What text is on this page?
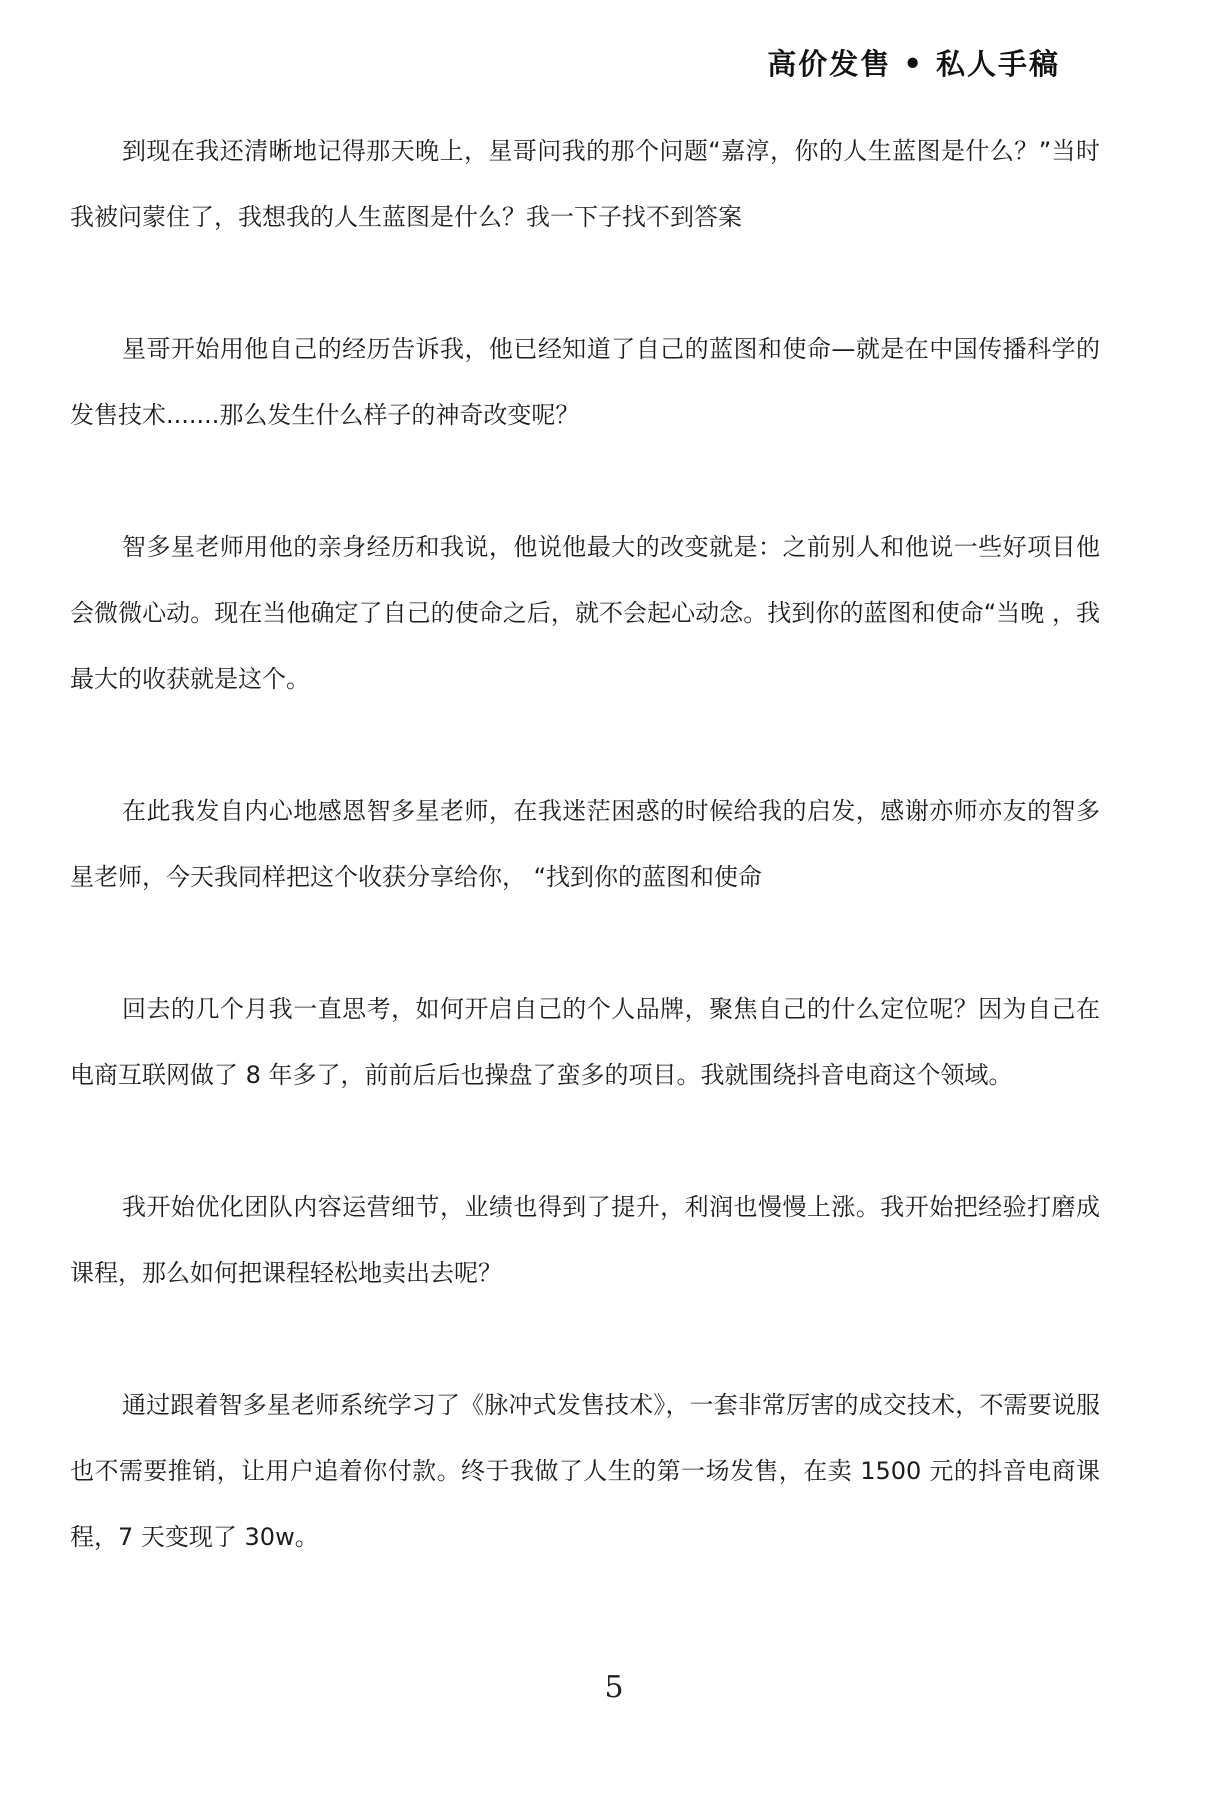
高价发售 • 私人手稿

到现在我还清晰地记得那天晚上，星哥问我的那个问题“嘉淳，你的人生蓝图是什么？”当时我被问蒙住了，我想我的人生蓝图是什么？我一下子找不到答案

星哥开始用他自己的经历告诉我，他已经知道了自己的蓝图和使命—就是在中国传播科学的发售技术.......那么发生什么样子的神奇改变呢？

智多星老师用他的亲身经历和我说，他说他最大的改变就是：之前别人和他说一些好项目他会微微心动。现在当他确定了自己的使命之后，就不会起心动念。找到你的蓝图和使命“当晚 ，我最大的收获就是这个。

在此我发自内心地感恩智多星老师，在我迷茫困惑的时候给我的启发，感谢亦师亦友的智多星老师，今天我同样把这个收获分享给你， “找到你的蓝图和使命

回去的几个月我一直思考，如何开启自己的个人品牌，聚焦自己的什么定位呢？因为自己在电商互联网做了 8 年多了，前前后后也操盘了蛮多的项目。我就围绕抖音电商这个领域。

我开始优化团队内容运营细节，业绩也得到了提升，利润也慢慢上涨。我开始把经验打磨成课程，那么如何把课程轻松地卖出去呢？

通过跟着智多星老师系统学习了《脉冲式发售技术》，一套非常厉害的成交技术，不需要说服也不需要推销，让用户追着你付款。终于我做了人生的第一场发售，在卖 1500 元的抖音电商课程，7 天变现了 30w。

5
